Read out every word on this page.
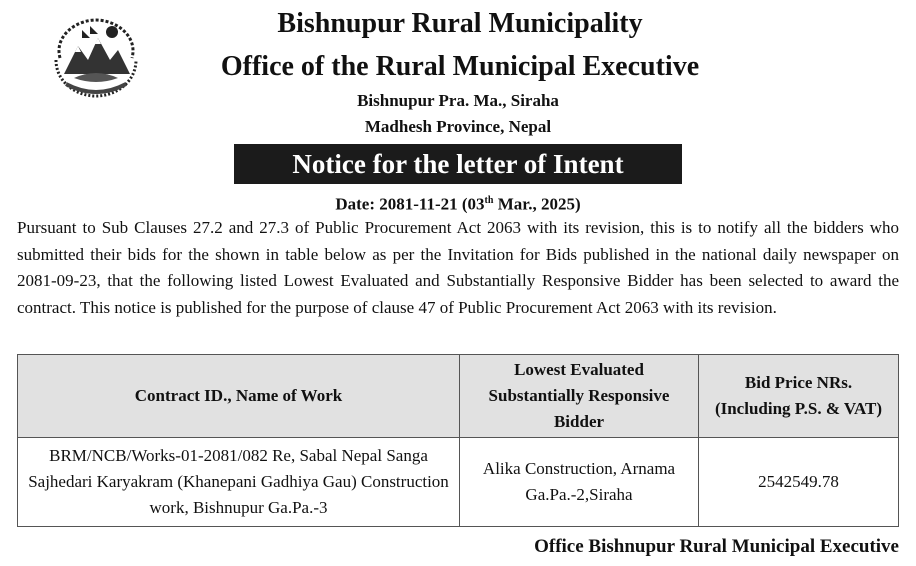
Bishnupur Rural Municipality
Office of the Rural Municipal Executive
Bishnupur Pra. Ma., Siraha
Madhesh Province, Nepal
Notice for the letter of Intent
Date: 2081-11-21 (03th Mar., 2025)
Pursuant to Sub Clauses 27.2 and 27.3 of Public Procurement Act 2063 with its revision, this is to notify all the bidders who submitted their bids for the shown in table below as per the Invitation for Bids published in the national daily newspaper on 2081-09-23, that the following listed Lowest Evaluated and Substantially Responsive Bidder has been selected to award the contract. This notice is published for the purpose of clause 47 of Public Procurement Act 2063 with its revision.
Contract ID., Name of Work	Lowest Evaluated Substantially Responsive Bidder	Bid Price NRs. (Including P.S. & VAT)
BRM/NCB/Works-01-2081/082 Re, Sabal Nepal Sanga Sajhedari Karyakram (Khanepani Gadhiya Gau) Construction work, Bishnupur Ga.Pa.-3	Alika Construction, Arnama Ga.Pa.-2,Siraha	2542549.78
Office Bishnupur Rural Municipal Executive
